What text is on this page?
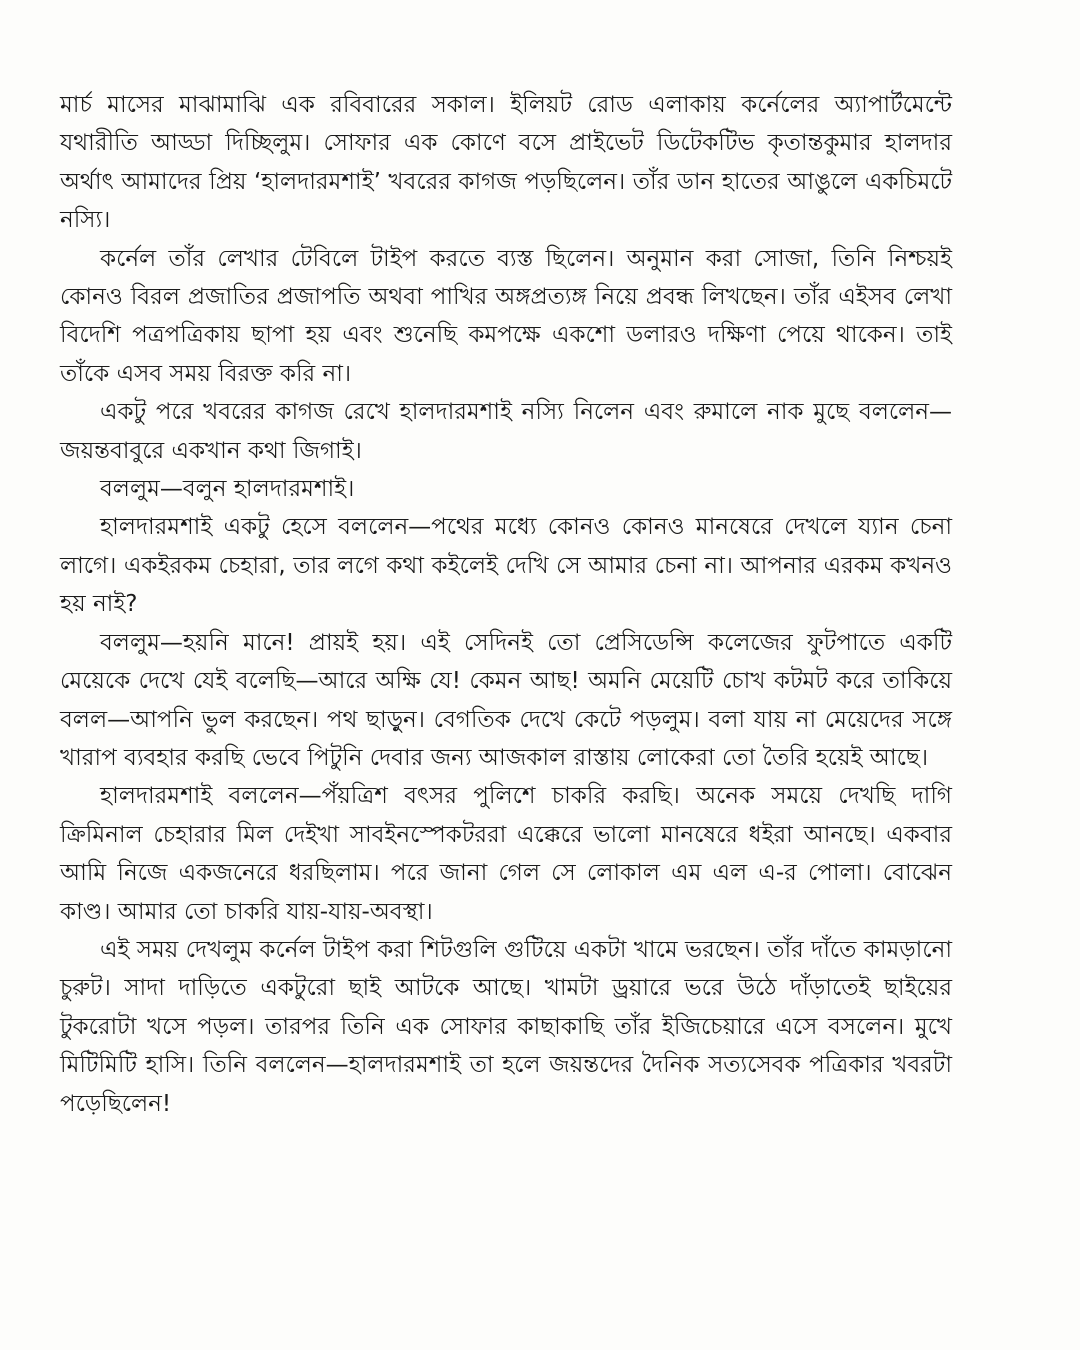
মার্চ মাসের মাঝামাঝি এক রবিবারের সকাল। ইলিয়ট রোড এলাকায় কর্নেলের অ্যাপার্টমেন্টে যথারীতি আড্ডা দিচ্ছিলুম। সোফার এক কোণে বসে প্রাইভেট ডিটেকটিভ কৃতান্তকুমার হালদার অর্থাৎ আমাদের প্রিয় ‘হালদারমশাই’ খবরের কাগজ পড়ছিলেন। তাঁর ডান হাতের আঙুলে একচিমটে নস্যি।

কর্নেল তাঁর লেখার টেবিলে টাইপ করতে ব্যস্ত ছিলেন। অনুমান করা সোজা, তিনি নিশ্চয়ই কোনও বিরল প্রজাতির প্রজাপতি অথবা পাখির অঙ্গপ্রত্যঙ্গ নিয়ে প্রবন্ধ লিখছেন। তাঁর এইসব লেখা বিদেশি পত্রপত্রিকায় ছাপা হয় এবং শুনেছি কমপক্ষে একশো ডলারও দক্ষিণা পেয়ে থাকেন। তাই তাঁকে এসব সময় বিরক্ত করি না।

একটু পরে খবরের কাগজ রেখে হালদারমশাই নস্যি নিলেন এবং রুমালে নাক মুছে বললেন—জয়ন্তবাবুরে একখান কথা জিগাই।

বললুম—বলুন হালদারমশাই।

হালদারমশাই একটু হেসে বললেন—পথের মধ্যে কোনও কোনও মানষেরে দেখলে য্যান চেনা লাগে। একইরকম চেহারা, তার লগে কথা কইলেই দেখি সে আমার চেনা না। আপনার এরকম কখনও হয় নাই?

বললুম—হয়নি মানে! প্রায়ই হয়। এই সেদিনই তো প্রেসিডেন্সি কলেজের ফুটপাতে একটি মেয়েকে দেখে যেই বলেছি—আরে অক্ষি যে! কেমন আছ! অমনি মেয়েটি চোখ কটমট করে তাকিয়ে বলল—আপনি ভুল করছেন। পথ ছাড়ুন। বেগতিক দেখে কেটে পড়লুম। বলা যায় না মেয়েদের সঙ্গে খারাপ ব্যবহার করছি ভেবে পিটুনি দেবার জন্য আজকাল রাস্তায় লোকেরা তো তৈরি হয়েই আছে।

হালদারমশাই বললেন—পঁয়ত্রিশ বৎসর পুলিশে চাকরি করছি। অনেক সময়ে দেখছি দাগি ক্রিমিনাল চেহারার মিল দেইখা সাবইনস্পেকটররা এক্কেরে ভালো মানষেরে ধইরা আনছে। একবার আমি নিজে একজনেরে ধরছিলাম। পরে জানা গেল সে লোকাল এম এল এ-র পোলা। বোঝেন কাণ্ড। আমার তো চাকরি যায়-যায়-অবস্থা।

এই সময় দেখলুম কর্নেল টাইপ করা শিটগুলি গুটিয়ে একটা খামে ভরছেন। তাঁর দাঁতে কামড়ানো চুরুট। সাদা দাড়িতে একটুরো ছাই আটকে আছে। খামটা ড্রয়ারে ভরে উঠে দাঁড়াতেই ছাইয়ের টুকরোটা খসে পড়ল। তারপর তিনি এক সোফার কাছাকাছি তাঁর ইজিচেয়ারে এসে বসলেন। মুখে মিটিমিটি হাসি। তিনি বললেন—হালদারমশাই তা হলে জয়ন্তদের দৈনিক সত্যসেবক পত্রিকার খবরটা পড়েছিলেন!
